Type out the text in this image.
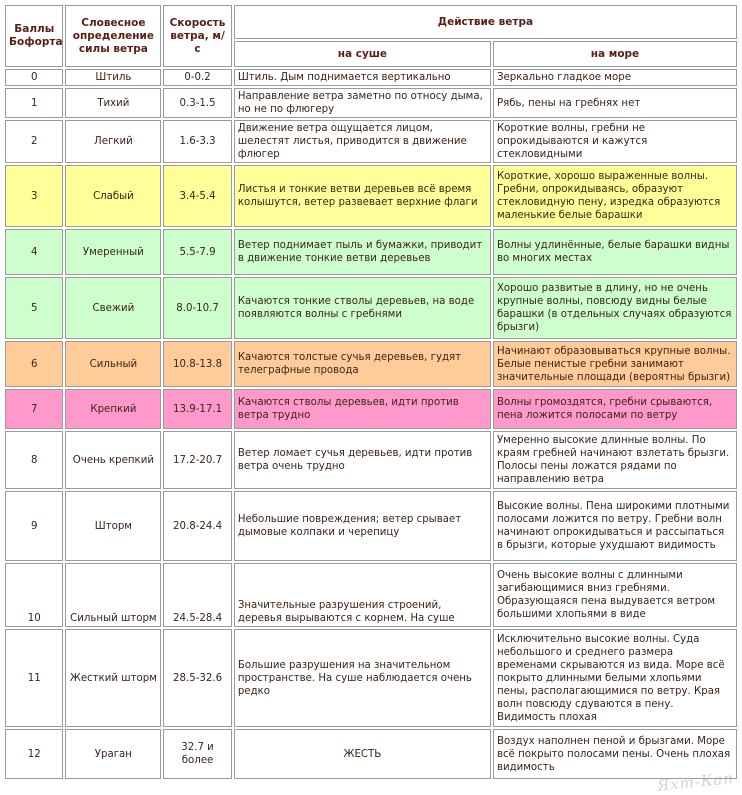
Баллы Бофорта	Словесное определение силы ветра	Скорость ветра, м/с	Действие ветра	
			на суше	на море
0	Штиль	0-0.2	Штиль. Дым поднимается вертикально	Зеркально гладкое море
1	Тихий	0.3-1.5	Направление ветра заметно по относу дыма, но не по флюгеру	Рябь, пены на гребнях нет
2	Легкий	1.6-3.3	Движение ветра ощущается лицом, шелестят листья, приводится в движение флюгер	Короткие волны, гребни не опрокидываются и кажутся стекловидными
3	Слабый	3.4-5.4	Листья и тонкие ветви деревьев всё время колышутся, ветер развевает верхние флаги	Короткие, хорошо выраженные волны. Гребни, опрокидываясь, образуют стекловидную пену, изредка образуются маленькие белые барашки
4	Умеренный	5.5-7.9	Ветер поднимает пыль и бумажки, приводит в движение тонкие ветви деревьев	Волны удлинённые, белые барашки видны во многих местах
5	Свежий	8.0-10.7	Качаются тонкие стволы деревьев, на воде появляются волны с гребнями	Хорошо развитые в длину, но не очень крупные волны, повсюду видны белые барашки (в отдельных случаях образуются брызги)
6	Сильный	10.8-13.8	Качаются толстые сучья деревьев, гудят телеграфные провода	Начинают образовываться крупные волны. Белые пенистые гребни занимают значительные площади (вероятны брызги)
7	Крепкий	13.9-17.1	Качаются стволы деревьев, идти против ветра трудно	Волны громоздятся, гребни срываются, пена ложится полосами по ветру
8	Очень крепкий	17.2-20.7	Ветер ломает сучья деревьев, идти против ветра очень трудно	Умеренно высокие длинные волны. По краям гребней начинают взлетать брызги. Полосы пены ложатся рядами по направлению ветра
9	Шторм	20.8-24.4	Небольшие повреждения; ветер срывает дымовые колпаки и черепицу	Высокие волны. Пена широкими плотными полосами ложится по ветру. Гребни волн начинают опрокидываться и рассыпаться в брызги, которые ухудшают видимость
10	Сильный шторм	24.5-28.4	Значительные разрушения строений, деревья вырываются с корнем. На суше	Очень высокие волны с длинными загибающимися вниз гребнями. Образующаяся пена выдувается ветром большими хлопьями в виде
11	Жесткий шторм	28.5-32.6	Большие разрушения на значительном пространстве. На суше наблюдается очень редко	Исключительно высокие волны. Суда небольшого и среднего размера временами скрываются из вида. Море всё покрыто длинными белыми хлопьями пены, располагающимися по ветру. Края волн повсюду сдуваются в пену. Видимость плохая
12	Ураган	32.7 и более	ЖЕСТЬ	Воздух наполнен пеной и брызгами. Море всё покрыто полосами пены. Очень плохая видимость
Яхт-Кап
